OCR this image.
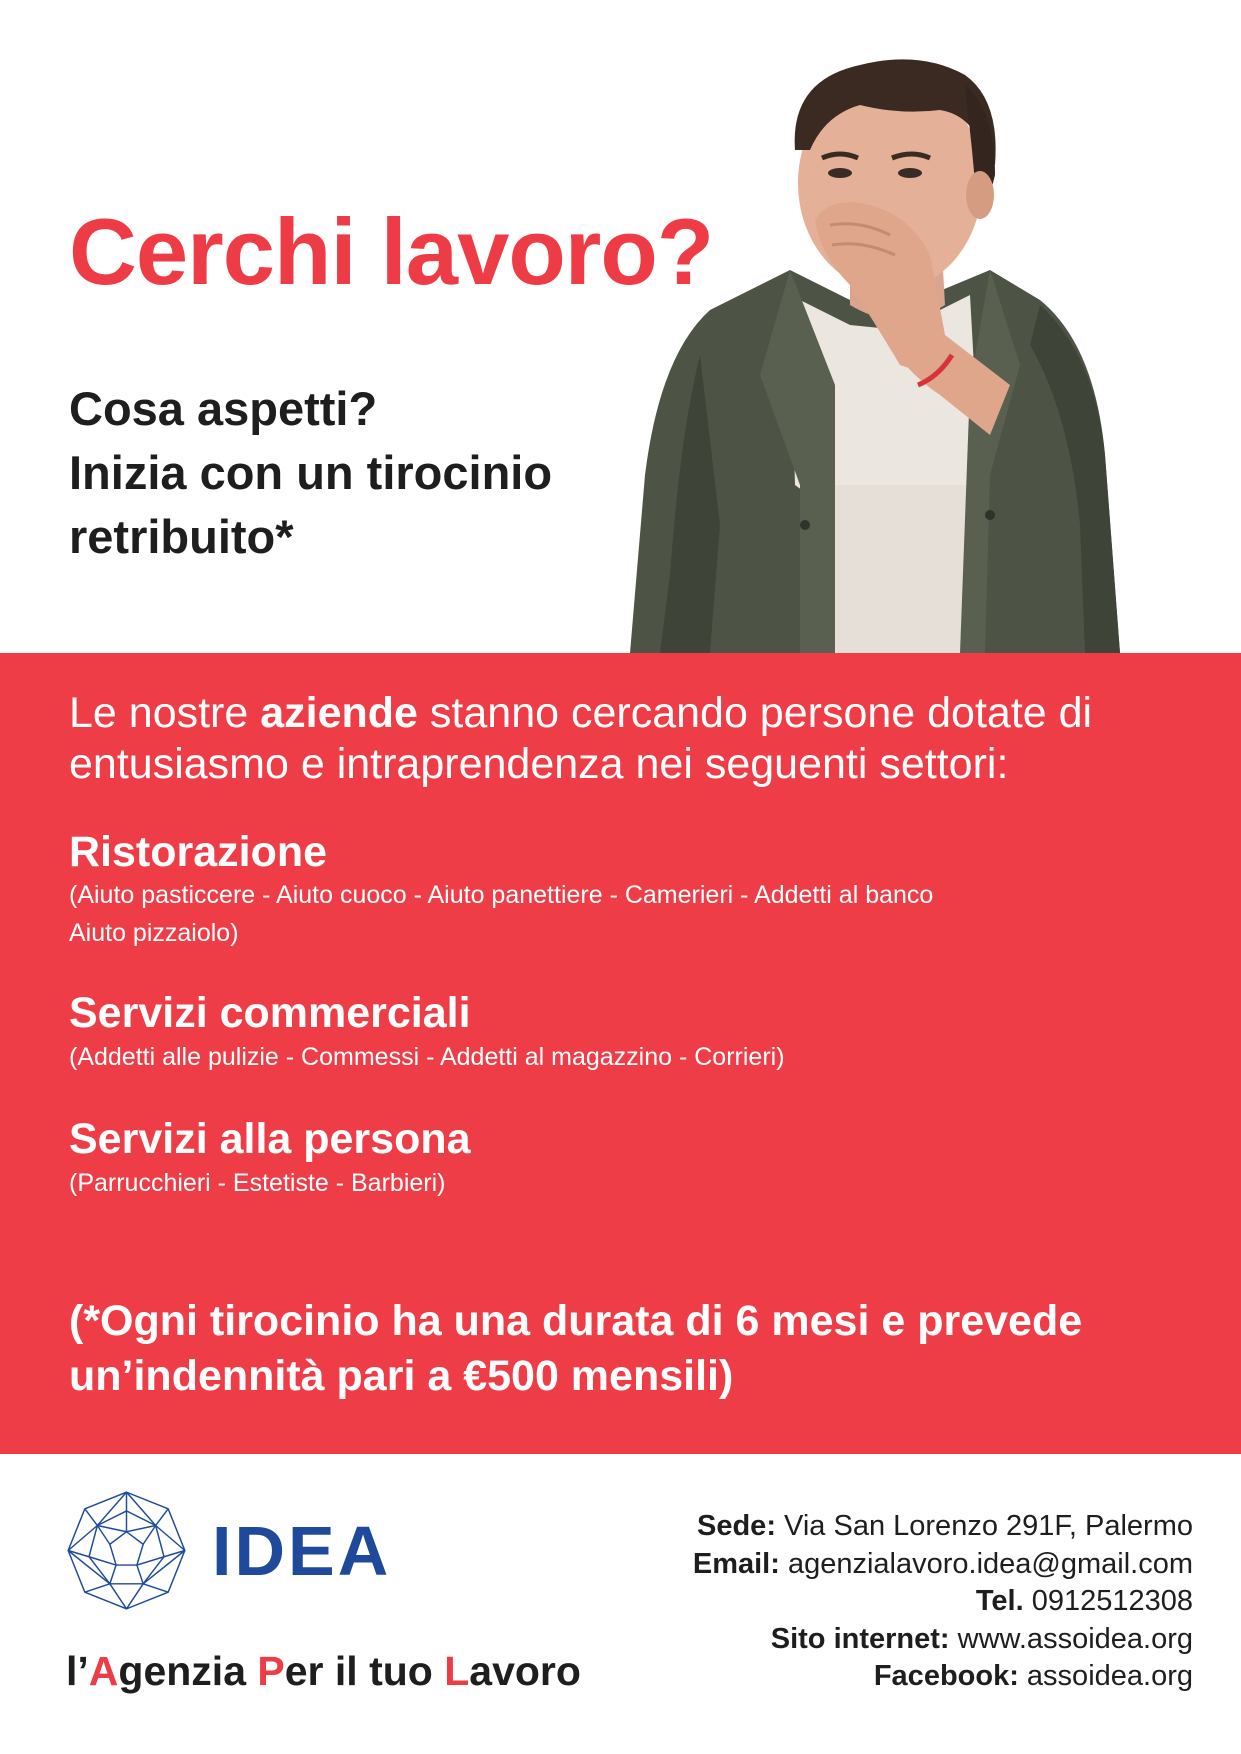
Cerchi lavoro?
Cosa aspetti?
Inizia con un tirocinio
retribuito*
Le nostre aziende stanno cercando persone dotate di
entusiasmo e intraprendenza nei seguenti settori:
Ristorazione
(Aiuto pasticcere - Aiuto cuoco - Aiuto panettiere - Camerieri - Addetti al banco
Aiuto pizzaiolo)
Servizi commerciali
(Addetti alle pulizie - Commessi - Addetti al magazzino - Corrieri)
Servizi alla persona
(Parrucchieri - Estetiste - Barbieri)
(*Ogni tirocinio ha una durata di 6 mesi e prevede
un’indennità pari a €500 mensili)
IDEA
l’Agenzia Per il tuo Lavoro
Sede: Via San Lorenzo 291F, Palermo
Email: agenzialavoro.idea@gmail.com
Tel. 0912512308
Sito internet: www.assoidea.org
Facebook: assoidea.org
